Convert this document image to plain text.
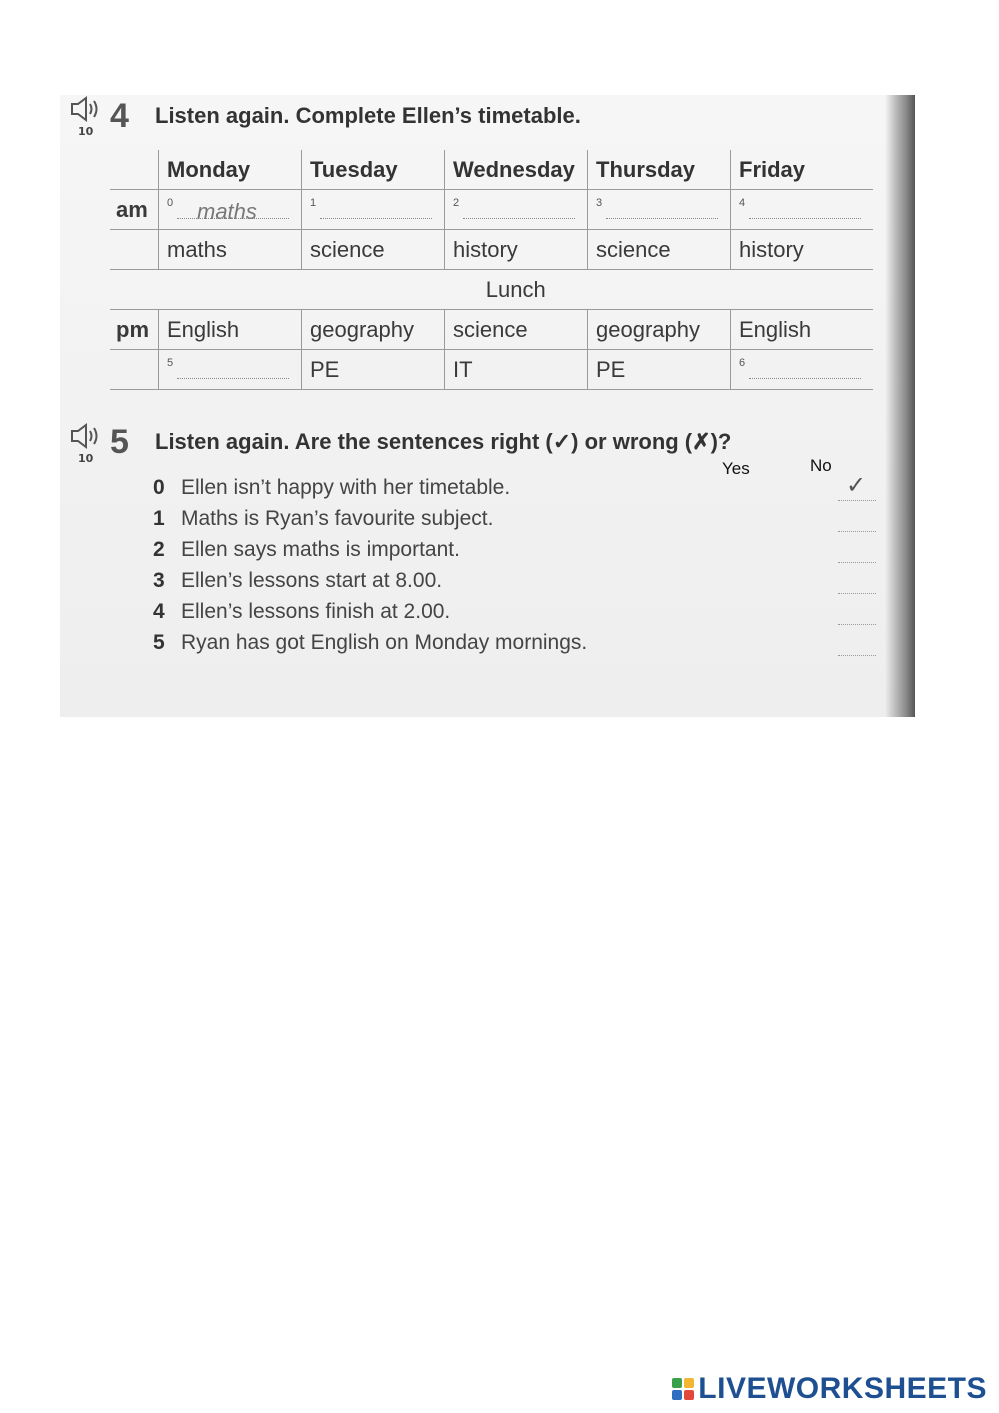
10 4 Listen again. Complete Ellen’s timetable.
	Monday	Tuesday	Wednesday	Thursday	Friday
am	0 maths	1	2	3	4

	maths	science	history	science	history
	Lunch				
pm	English	geography	science	geography	English

	5	PE	IT	PE	6
10 5 Listen again. Are the sentences right (✓) or wrong (✗)?
0 Ellen isn’t happy with her timetable.
1 Maths is Ryan’s favourite subject.
2 Ellen says maths is important.
3 Ellen’s lessons start at 8.00.
4 Ellen’s lessons finish at 2.00.
5 Ryan has got English on Monday mornings.
✓
Yes	No
LIVEWORKSHEETS
